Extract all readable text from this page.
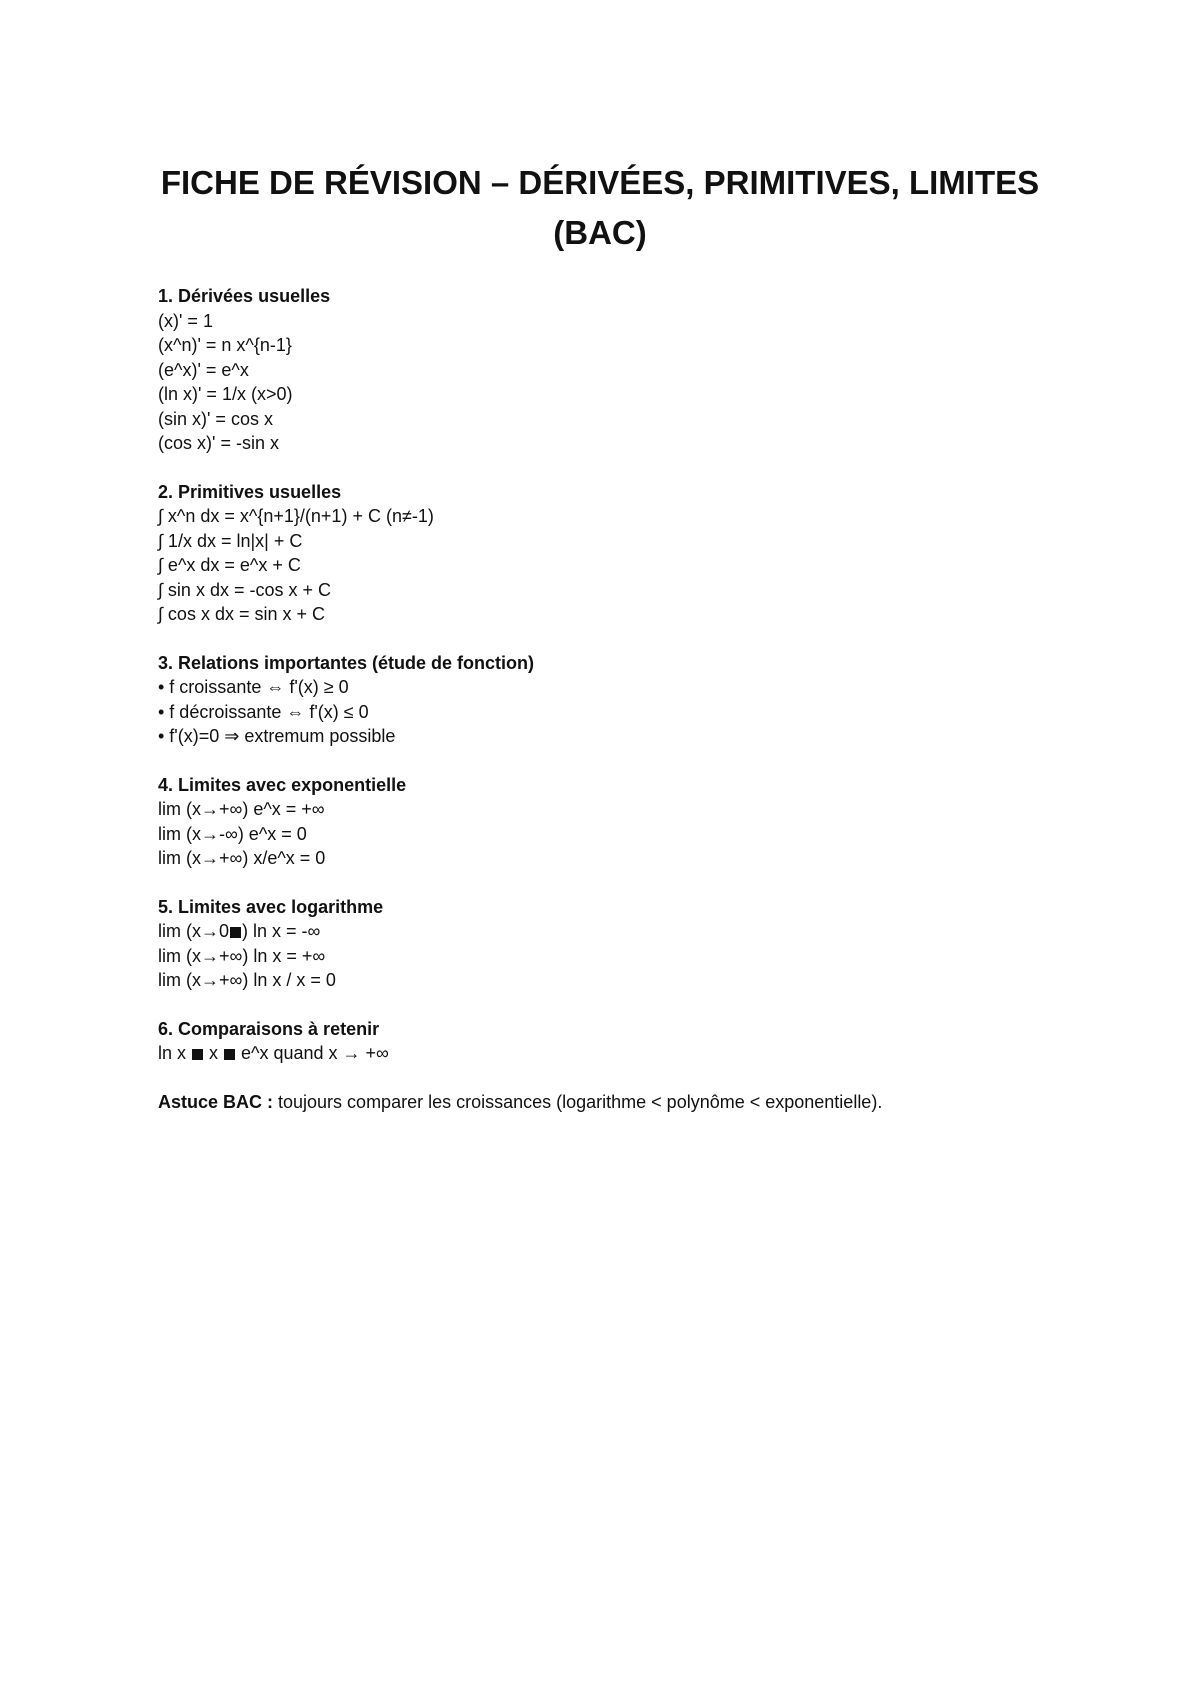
FICHE DE RÉVISION – DÉRIVÉES, PRIMITIVES, LIMITES (BAC)
1. Dérivées usuelles
(x)' = 1
(x^n)' = n x^{n-1}
(e^x)' = e^x
(ln x)' = 1/x (x>0)
(sin x)' = cos x
(cos x)' = -sin x
2. Primitives usuelles
∫ x^n dx = x^{n+1}/(n+1) + C (n≠-1)
∫ 1/x dx = ln|x| + C
∫ e^x dx = e^x + C
∫ sin x dx = -cos x + C
∫ cos x dx = sin x + C
3. Relations importantes (étude de fonction)
• f croissante ⇔ f'(x) ≥ 0
• f décroissante ⇔ f'(x) ≤ 0
• f'(x)=0 ⇒ extremum possible
4. Limites avec exponentielle
lim (x→+∞) e^x = +∞
lim (x→-∞) e^x = 0
lim (x→+∞) x/e^x = 0
5. Limites avec logarithme
lim (x→0 ) ln x = -∞
lim (x→+∞) ln x = +∞
lim (x→+∞) ln x / x = 0
6. Comparaisons à retenir
ln x  x  e^x quand x → +∞
Astuce BAC : toujours comparer les croissances (logarithme < polynôme < exponentielle).
